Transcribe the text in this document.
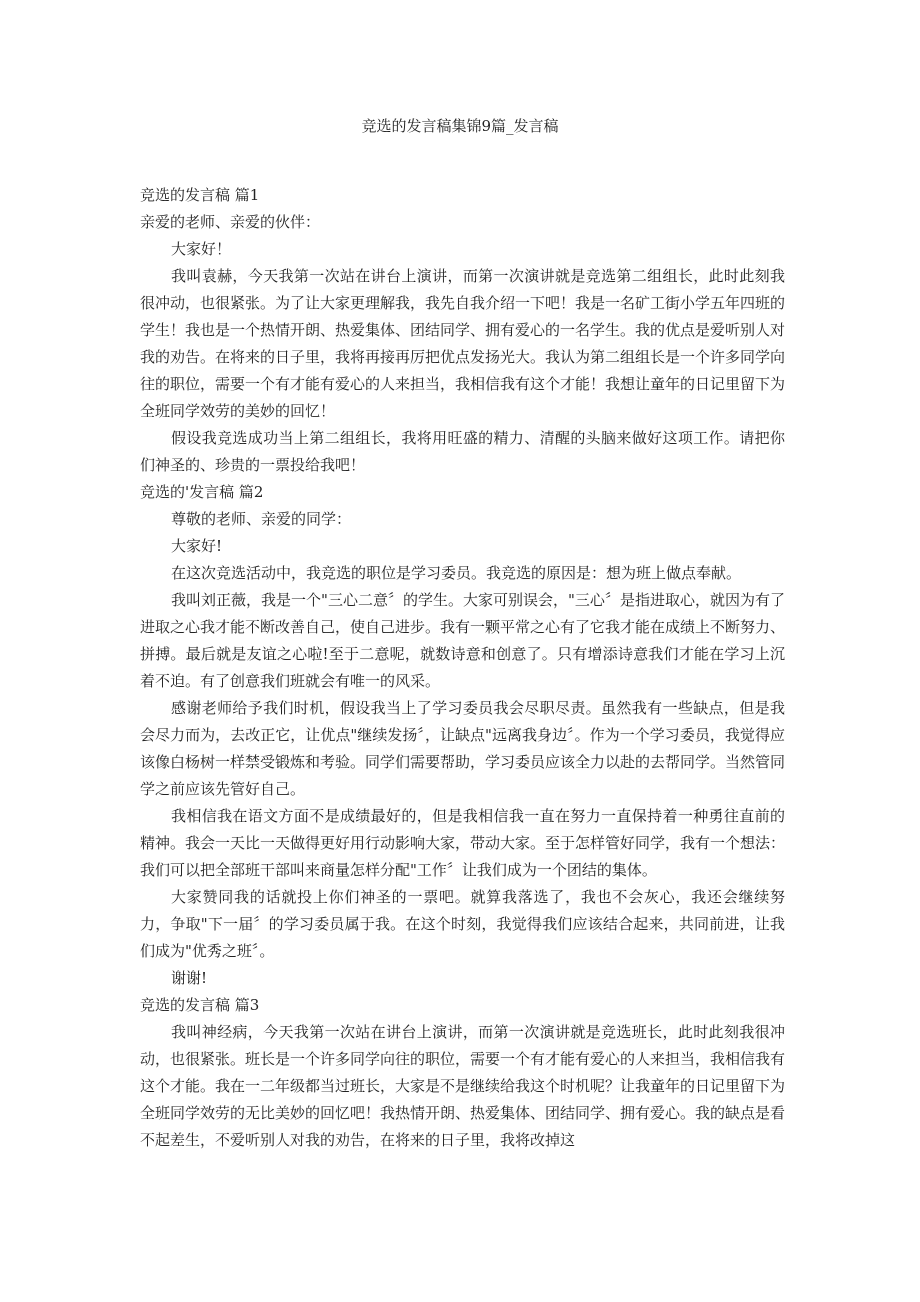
竞选的发言稿集锦9篇_发言稿

竞选的发言稿 篇1

亲爱的老师、亲爱的伙伴：

大家好！

我叫袁赫，今天我第一次站在讲台上演讲，而第一次演讲就是竞选第二组组长，此时此刻我很冲动，也很紧张。为了让大家更理解我，我先自我介绍一下吧！我是一名矿工街小学五年四班的学生！我也是一个热情开朗、热爱集体、团结同学、拥有爱心的一名学生。我的优点是爱听别人对我的劝告。在将来的日子里，我将再接再厉把优点发扬光大。我认为第二组组长是一个许多同学向往的职位，需要一个有才能有爱心的人来担当，我相信我有这个才能！我想让童年的日记里留下为全班同学效劳的美妙的回忆！

假设我竞选成功当上第二组组长，我将用旺盛的精力、清醒的头脑来做好这项工作。请把你们神圣的、珍贵的一票投给我吧！

竞选的'发言稿 篇2

尊敬的老师、亲爱的同学：

大家好!

在这次竞选活动中，我竞选的职位是学习委员。我竞选的原因是：想为班上做点奉献。

我叫刘正薇，我是一个"三心二意〞的学生。大家可别误会，"三心〞是指进取心，就因为有了进取之心我才能不断改善自己，使自己进步。我有一颗平常之心有了它我才能在成绩上不断努力、拼搏。最后就是友谊之心啦!至于二意呢，就数诗意和创意了。只有增添诗意我们才能在学习上沉着不迫。有了创意我们班就会有唯一的风采。

感谢老师给予我们时机，假设我当上了学习委员我会尽职尽责。虽然我有一些缺点，但是我会尽力而为，去改正它，让优点"继续发扬〞，让缺点"远离我身边〞。作为一个学习委员，我觉得应该像白杨树一样禁受锻炼和考验。同学们需要帮助，学习委员应该全力以赴的去帮同学。当然管同学之前应该先管好自己。

我相信我在语文方面不是成绩最好的，但是我相信我一直在努力一直保持着一种勇往直前的精神。我会一天比一天做得更好用行动影响大家，带动大家。至于怎样管好同学，我有一个想法：我们可以把全部班干部叫来商量怎样分配"工作〞让我们成为一个团结的集体。

大家赞同我的话就投上你们神圣的一票吧。就算我落选了，我也不会灰心，我还会继续努力，争取"下一届〞的学习委员属于我。在这个时刻，我觉得我们应该结合起来，共同前进，让我们成为"优秀之班〞。

谢谢!

竞选的发言稿 篇3

我叫神经病，今天我第一次站在讲台上演讲，而第一次演讲就是竞选班长，此时此刻我很冲动，也很紧张。班长是一个许多同学向往的职位，需要一个有才能有爱心的人来担当，我相信我有这个才能。我在一二年级都当过班长，大家是不是继续给我这个时机呢？让我童年的日记里留下为全班同学效劳的无比美妙的回忆吧！我热情开朗、热爱集体、团结同学、拥有爱心。我的缺点是看不起差生，不爱听别人对我的劝告，在将来的日子里，我将改掉这
